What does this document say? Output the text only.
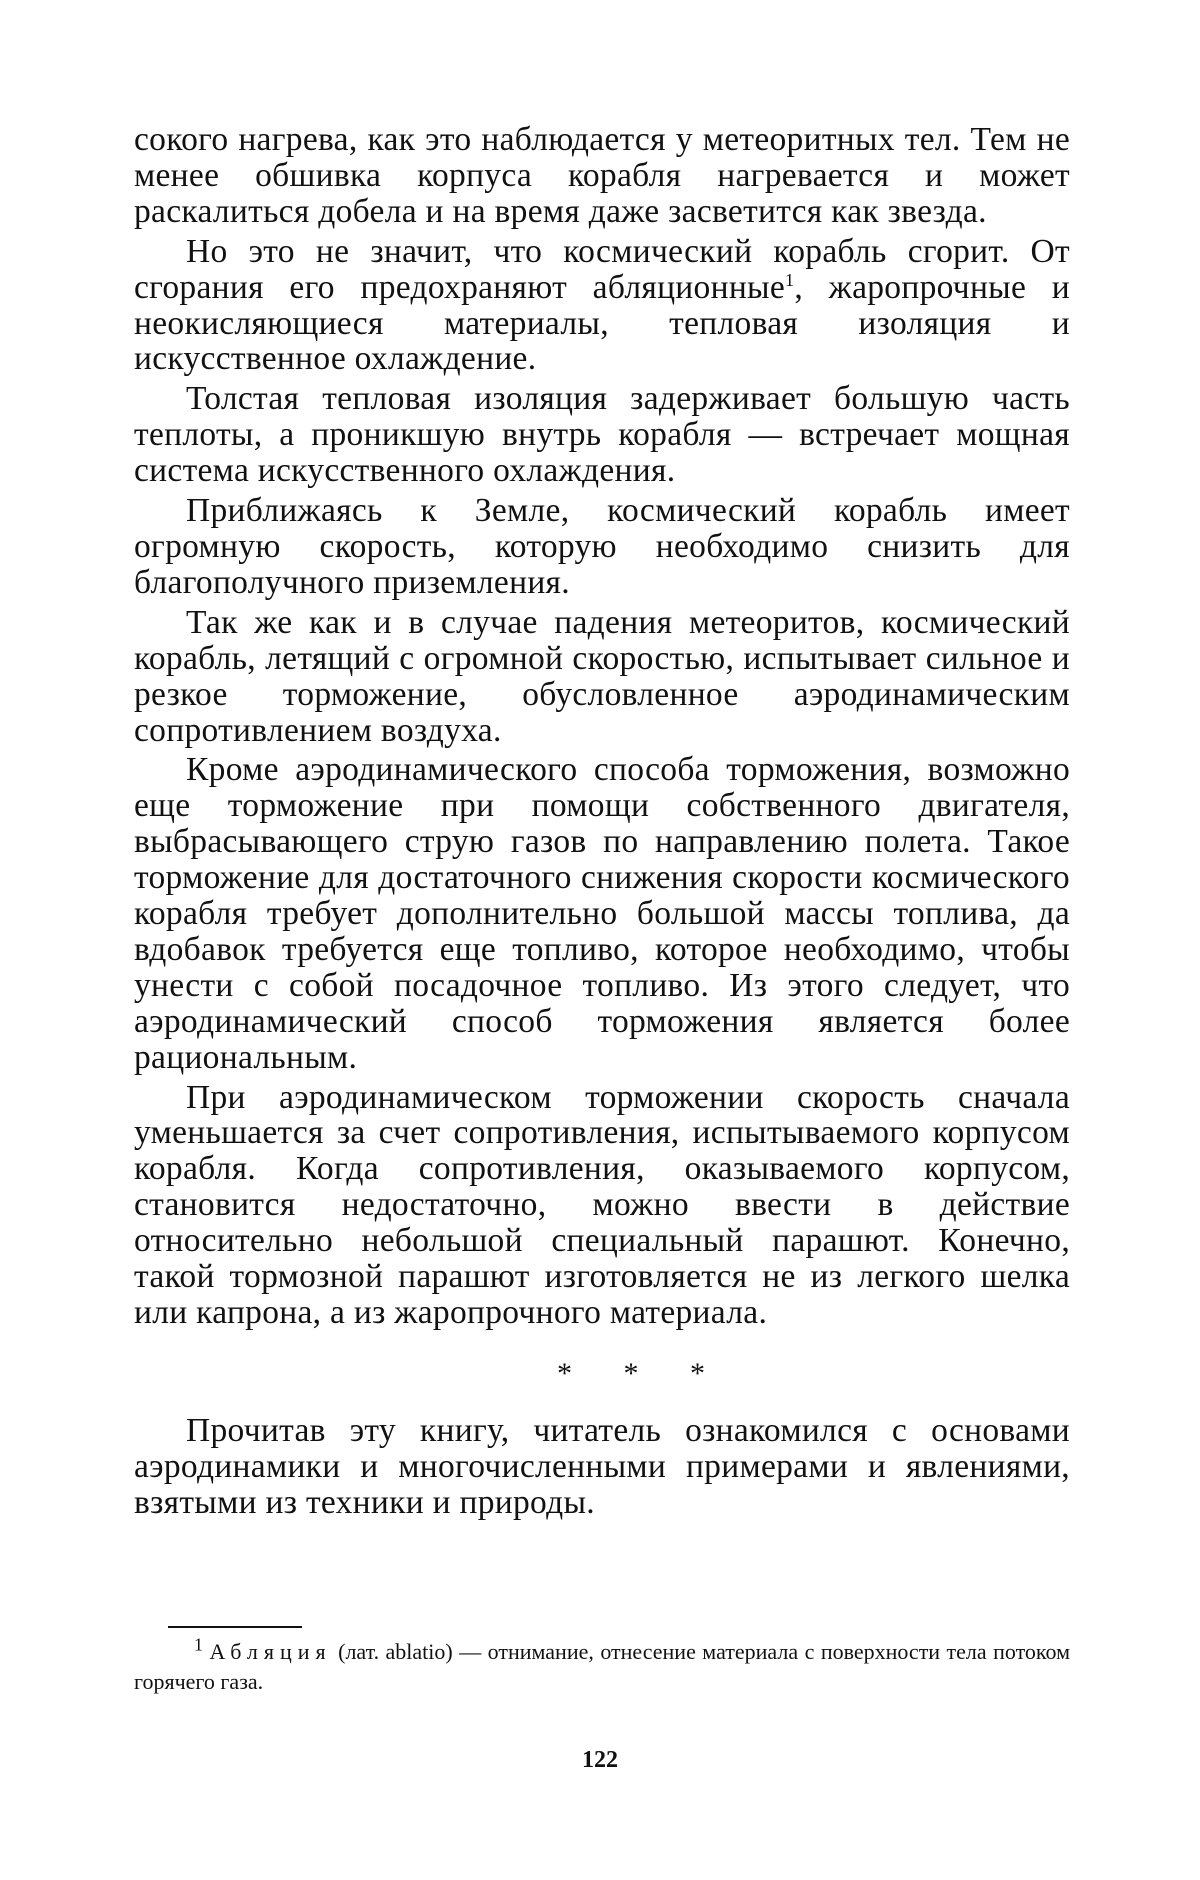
сокого нагрева, как это наблюдается у метеоритных тел. Тем не менее обшивка корпуса корабля нагревается и может раскалиться добела и на время даже засветится как звезда.

Но это не значит, что космический корабль сгорит. От сгорания его предохраняют абляционные$^1$, жаропрочные и неокисляющиеся материалы, тепловая изоляция и искусственное охлаждение.

Толстая тепловая изоляция задерживает большую часть теплоты, а проникшую внутрь корабля — встречает мощная система искусственного охлаждения.

Приближаясь к Земле, космический корабль имеет огромную скорость, которую необходимо снизить для благополучного приземления.

Так же как и в случае падения метеоритов, космический корабль, летящий с огромной скоростью, испытывает сильное и резкое торможение, обусловленное аэродинамическим сопротивлением воздуха.

Кроме аэродинамического способа торможения, возможно еще торможение при помощи собственного двигателя, выбрасывающего струю газов по направлению полета. Такое торможение для достаточного снижения скорости космического корабля требует дополнительно большой массы топлива, да вдобавок требуется еще топливо, которое необходимо, чтобы унести с собой посадочное топливо. Из этого следует, что аэродинамический способ торможения является более рациональным.

При аэродинамическом торможении скорость сначала уменьшается за счет сопротивления, испытываемого корпусом корабля. Когда сопротивления, оказываемого корпусом, становится недостаточно, можно ввести в действие относительно небольшой специальный парашют. Конечно, такой тормозной парашют изготовляется не из легкого шелка или капрона, а из жаропрочного материала.

* * *

Прочитав эту книгу, читатель ознакомился с основами аэродинамики и многочисленными примерами и явлениями, взятыми из техники и природы.

$^1$ Абляция (лат. ablatio) — отнимание, отнесение материала с поверхности тела потоком горячего газа.
122
